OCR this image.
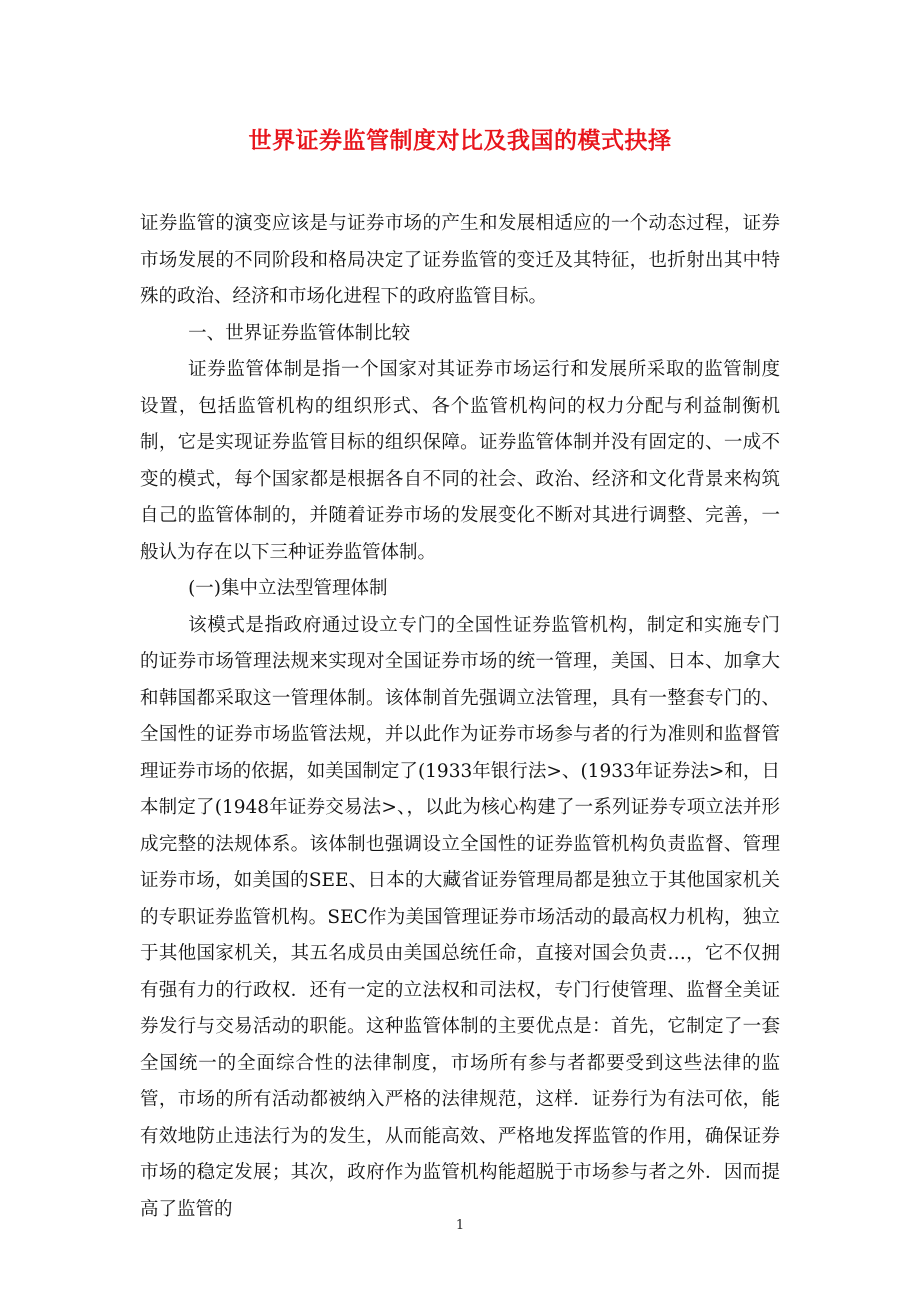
世界证券监管制度对比及我国的模式抉择

证券监管的演变应该是与证券市场的产生和发展相适应的一个动态过程，证券市场发展的不同阶段和格局决定了证券监管的变迁及其特征，也折射出其中特殊的政治、经济和市场化进程下的政府监管目标。

一、世界证券监管体制比较

证券监管体制是指一个国家对其证券市场运行和发展所采取的监管制度设置，包括监管机构的组织形式、各个监管机构问的权力分配与利益制衡机制，它是实现证券监管目标的组织保障。证券监管体制并没有固定的、一成不变的模式，每个国家都是根据各自不同的社会、政治、经济和文化背景来构筑自己的监管体制的，并随着证券市场的发展变化不断对其进行调整、完善，一般认为存在以下三种证券监管体制。

(一)集中立法型管理体制

该模式是指政府通过设立专门的全国性证券监管机构，制定和实施专门的证券市场管理法规来实现对全国证券市场的统一管理，美国、日本、加拿大和韩国都采取这一管理体制。该体制首先强调立法管理，具有一整套专门的、全国性的证券市场监管法规，并以此作为证券市场参与者的行为准则和监督管理证券市场的依据，如美国制定了(1933年银行法>、(1933年证券法>和，日本制定了(1948年证券交易法>、，以此为核心构建了一系列证券专项立法并形成完整的法规体系。该体制也强调设立全国性的证券监管机构负责监督、管理证券市场，如美国的SEE、日本的大藏省证券管理局都是独立于其他国家机关的专职证券监管机构。SEC作为美国管理证券市场活动的最高权力机构，独立于其他国家机关，其五名成员由美国总统任命，直接对国会负责…，它不仅拥有强有力的行政权．还有一定的立法权和司法权，专门行使管理、监督全美证券发行与交易活动的职能。这种监管体制的主要优点是：首先，它制定了一套全国统一的全面综合性的法律制度，市场所有参与者都要受到这些法律的监管，市场的所有活动都被纳入严格的法律规范，这样．证券行为有法可依，能有效地防止违法行为的发生，从而能高效、严格地发挥监管的作用，确保证券市场的稳定发展；其次，政府作为监管机构能超脱于市场参与者之外．因而提高了监管的

1
